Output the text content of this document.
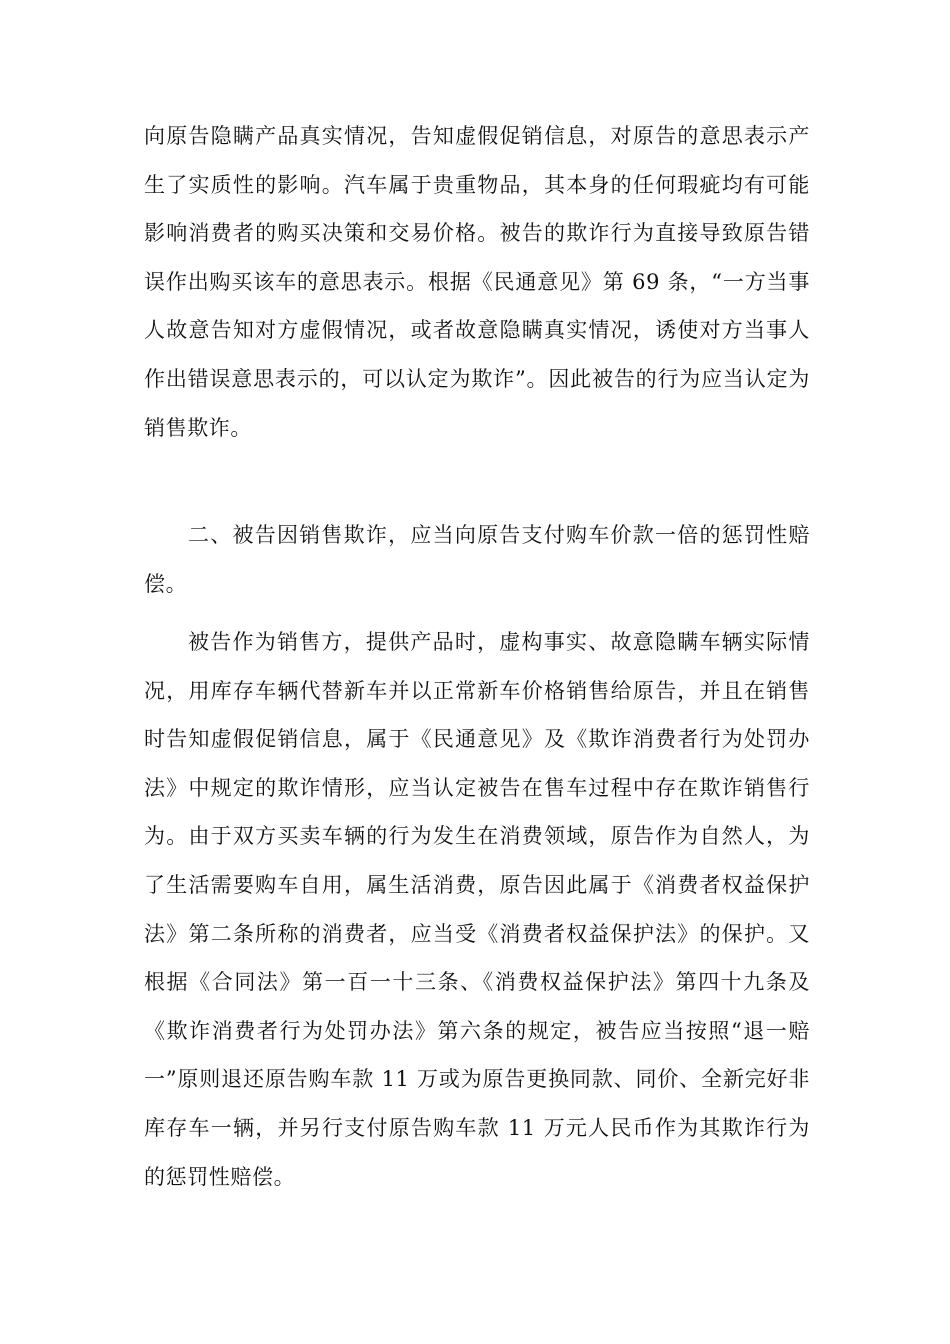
向原告隐瞒产品真实情况，告知虚假促销信息，对原告的意思表示产生了实质性的影响。汽车属于贵重物品，其本身的任何瑕疵均有可能影响消费者的购买决策和交易价格。被告的欺诈行为直接导致原告错误作出购买该车的意思表示。根据《民通意见》第 69 条，“一方当事人故意告知对方虚假情况，或者故意隐瞒真实情况，诱使对方当事人作出错误意思表示的，可以认定为欺诈”。因此被告的行为应当认定为销售欺诈。

二、被告因销售欺诈，应当向原告支付购车价款一倍的惩罚性赔偿。

被告作为销售方，提供产品时，虚构事实、故意隐瞒车辆实际情况，用库存车辆代替新车并以正常新车价格销售给原告，并且在销售时告知虚假促销信息，属于《民通意见》及《欺诈消费者行为处罚办法》中规定的欺诈情形，应当认定被告在售车过程中存在欺诈销售行为。由于双方买卖车辆的行为发生在消费领域，原告作为自然人，为了生活需要购车自用，属生活消费，原告因此属于《消费者权益保护法》第二条所称的消费者，应当受《消费者权益保护法》的保护。又根据《合同法》第一百一十三条、《消费权益保护法》第四十九条及《欺诈消费者行为处罚办法》第六条的规定，被告应当按照“退一赔一”原则退还原告购车款 11 万或为原告更换同款、同价、全新完好非库存车一辆，并另行支付原告购车款 11 万元人民币作为其欺诈行为的惩罚性赔偿。
